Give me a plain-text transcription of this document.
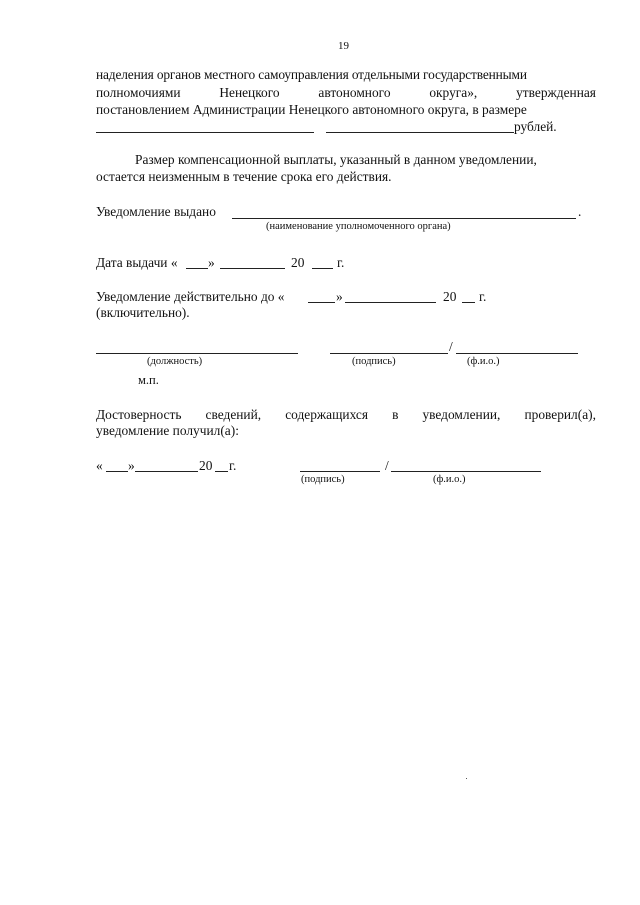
19
наделения органов местного самоуправления отдельными государственными
полномочиями	Ненецкого	автономного	округа»,	утвержденная
постановлением Администрации Ненецкого автономного округа, в размере
рублей.
Размер компенсационной выплаты, указанный в данном уведомлении,
остается неизменным в течение срока его действия.
Уведомление выдано	.
(наименование уполномоченного органа)
Дата выдачи « »	20 г.
Уведомление действительно до «	»	20 г.
(включительно).
/
(должность)	(подпись)	(ф.и.о.)
м.п.
Достоверность сведений, содержащихся в уведомлении, проверил(а),
уведомление получил(а):
« »	20 г.	/
(подпись)	(ф.и.о.)
